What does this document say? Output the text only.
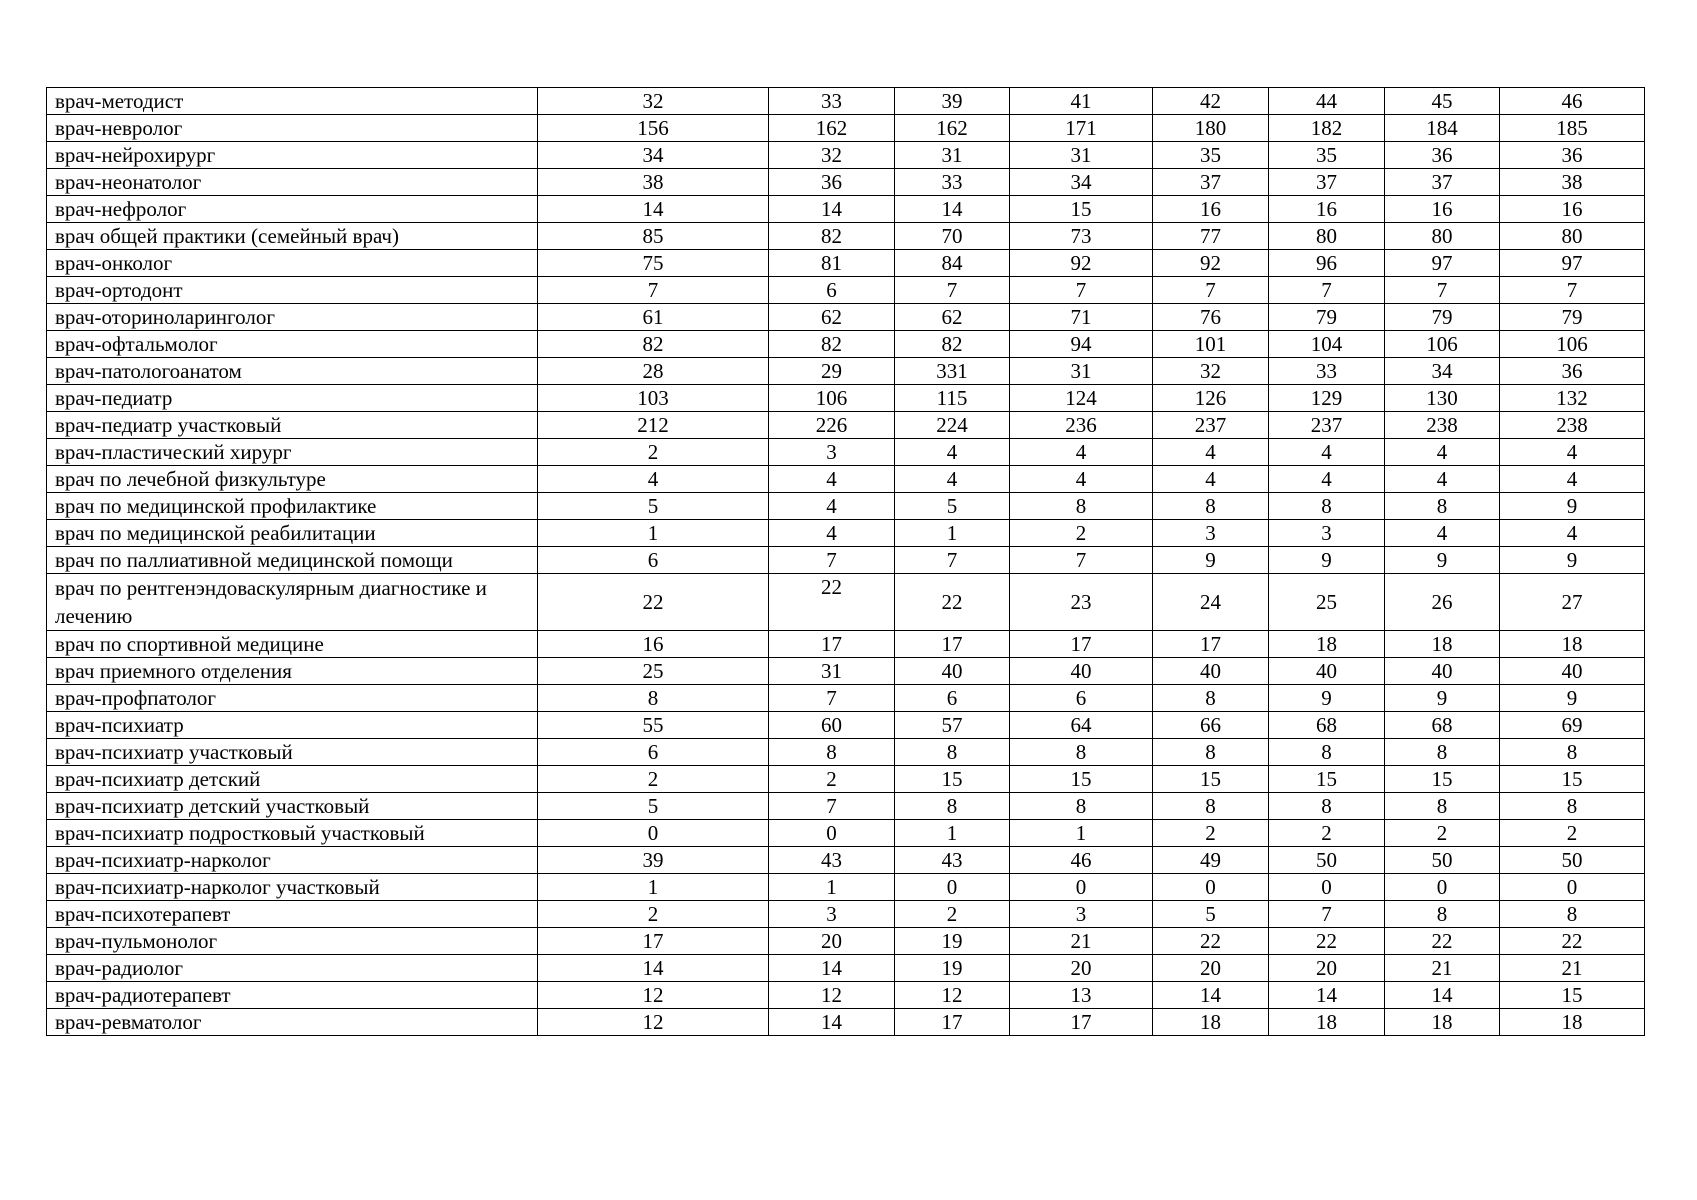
врач-методист	32	33	39	41	42	44	45	46
врач-невролог	156	162	162	171	180	182	184	185
врач-нейрохирург	34	32	31	31	35	35	36	36
врач-неонатолог	38	36	33	34	37	37	37	38
врач-нефролог	14	14	14	15	16	16	16	16
врач общей практики (семейный врач)	85	82	70	73	77	80	80	80
врач-онколог	75	81	84	92	92	96	97	97
врач-ортодонт	7	6	7	7	7	7	7	7
врач-оториноларинголог	61	62	62	71	76	79	79	79
врач-офтальмолог	82	82	82	94	101	104	106	106
врач-патологоанатом	28	29	331	31	32	33	34	36
врач-педиатр	103	106	115	124	126	129	130	132
врач-педиатр участковый	212	226	224	236	237	237	238	238
врач-пластический хирург	2	3	4	4	4	4	4	4
врач по лечебной физкультуре	4	4	4	4	4	4	4	4
врач по медицинской профилактике	5	4	5	8	8	8	8	9
врач по медицинской реабилитации	1	4	1	2	3	3	4	4
врач по паллиативной медицинской помощи	6	7	7	7	9	9	9	9
врач по рентгенэндоваскулярным диагностике и лечению	22	22	22	23	24	25	26	27
врач по спортивной медицине	16	17	17	17	17	18	18	18
врач приемного отделения	25	31	40	40	40	40	40	40
врач-профпатолог	8	7	6	6	8	9	9	9
врач-психиатр	55	60	57	64	66	68	68	69
врач-психиатр участковый	6	8	8	8	8	8	8	8
врач-психиатр детский	2	2	15	15	15	15	15	15
врач-психиатр детский участковый	5	7	8	8	8	8	8	8
врач-психиатр подростковый участковый	0	0	1	1	2	2	2	2
врач-психиатр-нарколог	39	43	43	46	49	50	50	50
врач-психиатр-нарколог участковый	1	1	0	0	0	0	0	0
врач-психотерапевт	2	3	2	3	5	7	8	8
врач-пульмонолог	17	20	19	21	22	22	22	22
врач-радиолог	14	14	19	20	20	20	21	21
врач-радиотерапевт	12	12	12	13	14	14	14	15
врач-ревматолог	12	14	17	17	18	18	18	18
